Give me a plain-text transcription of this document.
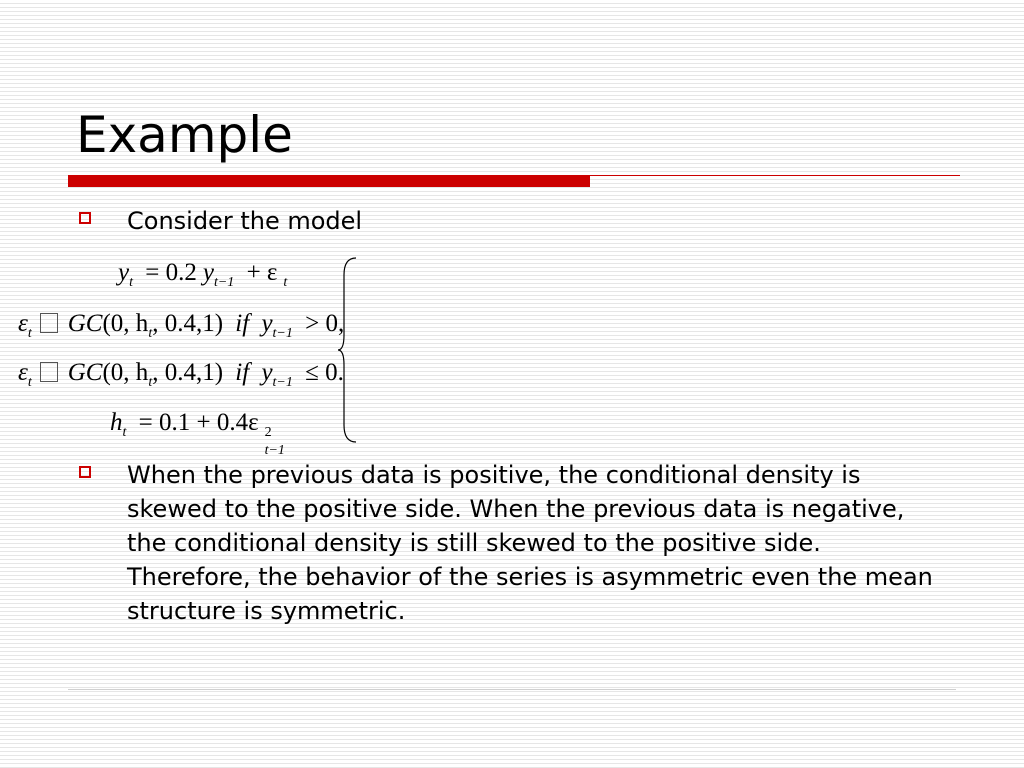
Example
Consider the model
$y_t = 0.2$ $y_{t-1} + \varepsilon$ $_t$
$\varepsilon_t$ GC(0, $h_t$, 0.4,1) if $y_{t-1} > 0$,
$\varepsilon_t$ GC(0, $h_t$, 0.4,1) if $y_{t-1} \le 0$.
$h_t = 0.1 + 0.4\varepsilon$ 2
t−1
When the previous data is positive, the conditional density is skewed to the positive side. When the previous data is negative, the conditional density is still skewed to the positive side. Therefore, the behavior of the series is asymmetric even the mean structure is symmetric.
